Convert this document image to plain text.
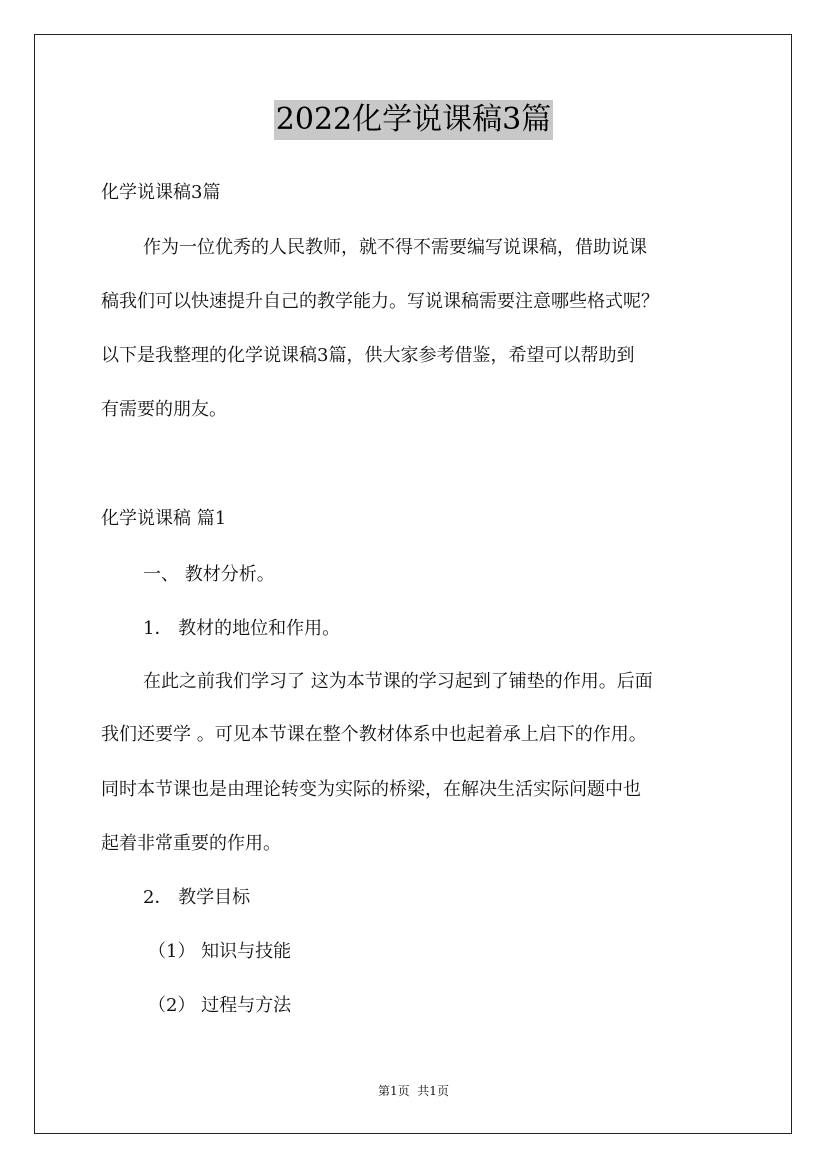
2022化学说课稿3篇
化学说课稿3篇
作为一位优秀的人民教师，就不得不需要编写说课稿，借助说课
稿我们可以快速提升自己的教学能力。写说课稿需要注意哪些格式呢？
以下是我整理的化学说课稿3篇，供大家参考借鉴，希望可以帮助到
有需要的朋友。
化学说课稿 篇1
一、 教材分析。
1． 教材的地位和作用。
在此之前我们学习了 这为本节课的学习起到了铺垫的作用。后面
我们还要学 。可见本节课在整个教材体系中也起着承上启下的作用。
同时本节课也是由理论转变为实际的桥梁，在解决生活实际问题中也
起着非常重要的作用。
2． 教学目标
（1） 知识与技能
（2） 过程与方法
第1页  共1页
